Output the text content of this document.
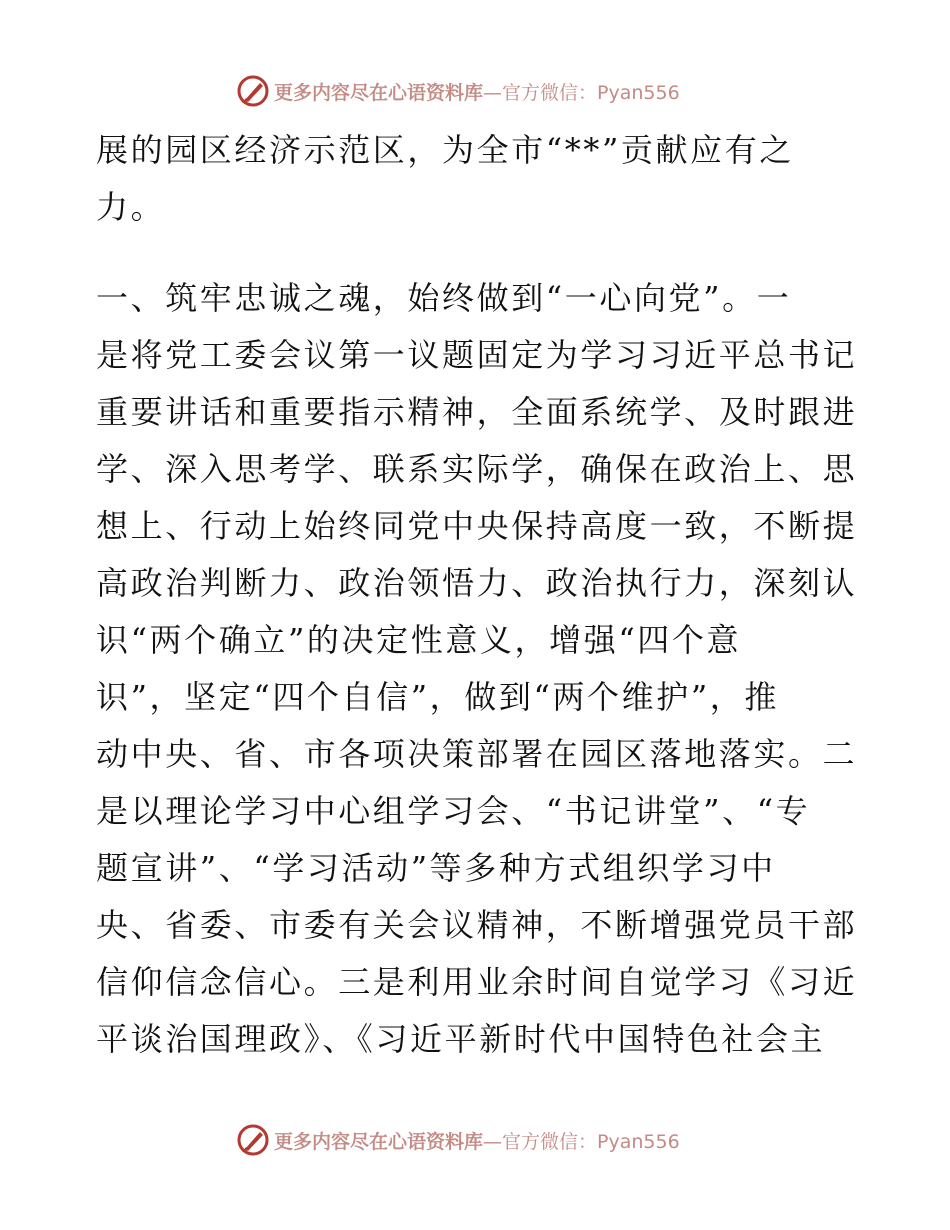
更多内容尽在心语资料库 —官方微信：Pyan556
展的园区经济示范区，为全市“**”贡献应有之
力。
一、筑牢忠诚之魂，始终做到“一心向党”。一
是将党工委会议第一议题固定为学习习近平总书记
重要讲话和重要指示精神，全面系统学、及时跟进
学、深入思考学、联系实际学，确保在政治上、思
想上、行动上始终同党中央保持高度一致，不断提
高政治判断力、政治领悟力、政治执行力，深刻认
识“两个确立”的决定性意义，增强“四个意
识”，坚定“四个自信”，做到“两个维护”，推
动中央、省、市各项决策部署在园区落地落实。二
是以理论学习中心组学习会、“书记讲堂”、“专
题宣讲”、“学习活动”等多种方式组织学习中
央、省委、市委有关会议精神，不断增强党员干部
信仰信念信心。三是利用业余时间自觉学习《习近
平谈治国理政》、《习近平新时代中国特色社会主
更多内容尽在心语资料库 —官方微信：Pyan556
